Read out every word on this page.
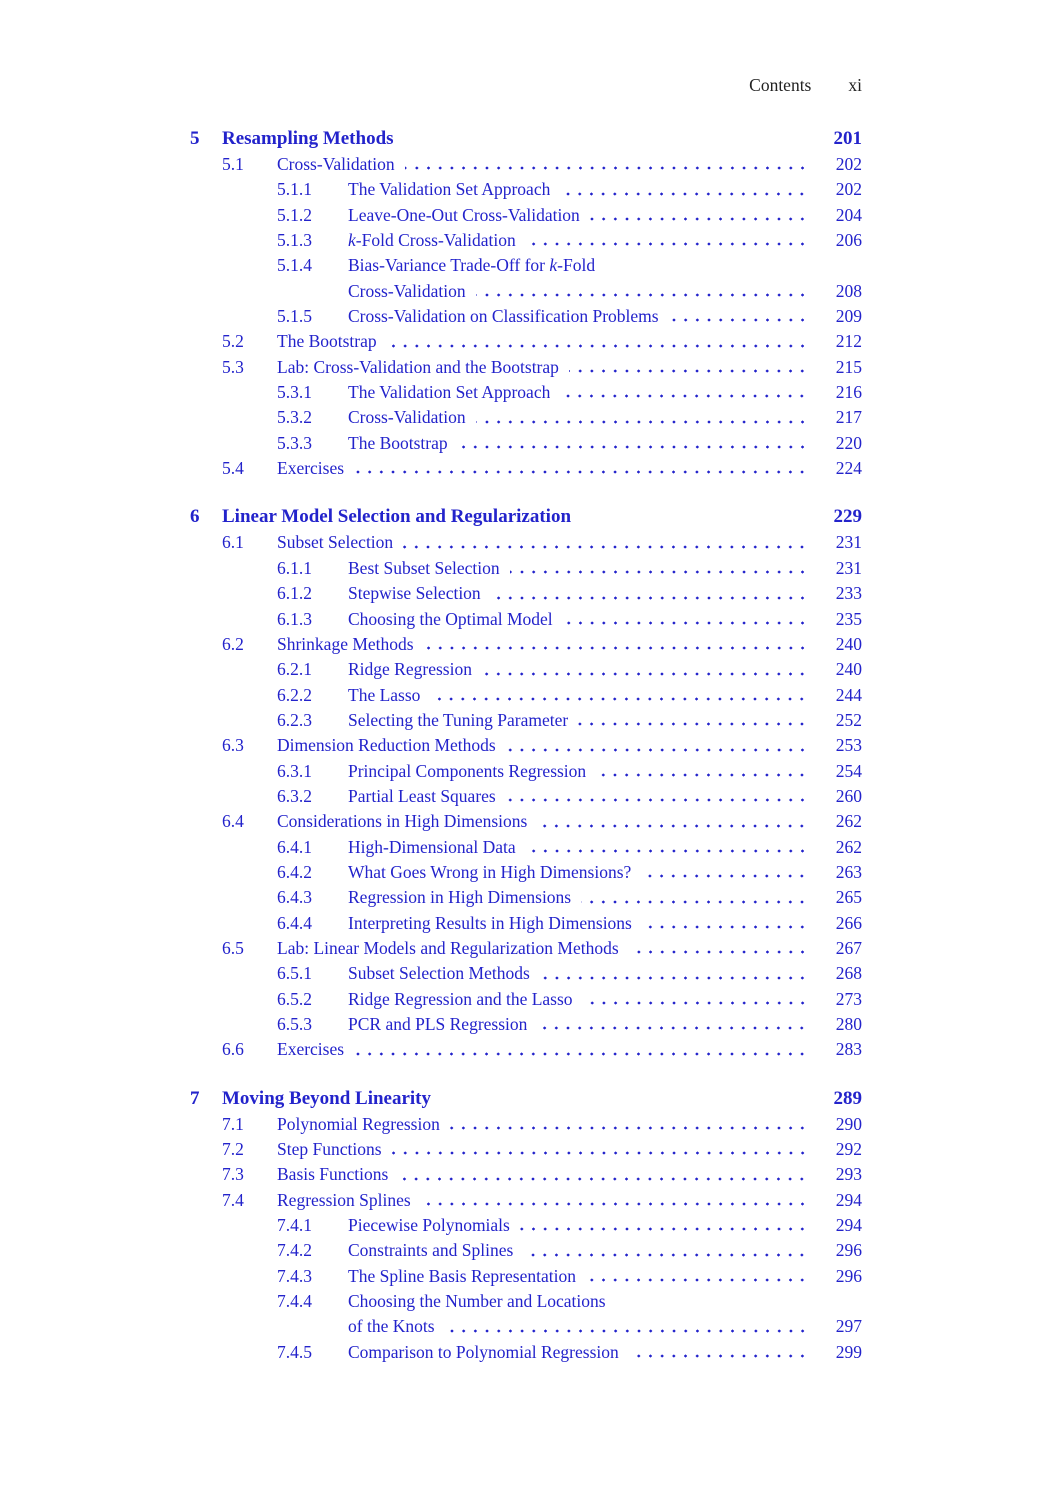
Contents xi
5	Resampling Methods	201
5.1	Cross-Validation	202
5.1.1	The Validation Set Approach	202
5.1.2	Leave-One-Out Cross-Validation	204
5.1.3	k-Fold Cross-Validation	206
5.1.4	Bias-Variance Trade-Off for k-Fold
Cross-Validation	208
5.1.5	Cross-Validation on Classification Problems	209
5.2	The Bootstrap	212
5.3	Lab: Cross-Validation and the Bootstrap	215
5.3.1	The Validation Set Approach	216
5.3.2	Cross-Validation	217
5.3.3	The Bootstrap	220
5.4	Exercises	224
6	Linear Model Selection and Regularization	229
6.1	Subset Selection	231
6.1.1	Best Subset Selection	231
6.1.2	Stepwise Selection	233
6.1.3	Choosing the Optimal Model	235
6.2	Shrinkage Methods	240
6.2.1	Ridge Regression	240
6.2.2	The Lasso	244
6.2.3	Selecting the Tuning Parameter	252
6.3	Dimension Reduction Methods	253
6.3.1	Principal Components Regression	254
6.3.2	Partial Least Squares	260
6.4	Considerations in High Dimensions	262
6.4.1	High-Dimensional Data	262
6.4.2	What Goes Wrong in High Dimensions?	263
6.4.3	Regression in High Dimensions	265
6.4.4	Interpreting Results in High Dimensions	266
6.5	Lab: Linear Models and Regularization Methods	267
6.5.1	Subset Selection Methods	268
6.5.2	Ridge Regression and the Lasso	273
6.5.3	PCR and PLS Regression	280
6.6	Exercises	283
7	Moving Beyond Linearity	289
7.1	Polynomial Regression	290
7.2	Step Functions	292
7.3	Basis Functions	293
7.4	Regression Splines	294
7.4.1	Piecewise Polynomials	294
7.4.2	Constraints and Splines	296
7.4.3	The Spline Basis Representation	296
7.4.4	Choosing the Number and Locations
of the Knots	297
7.4.5	Comparison to Polynomial Regression	299
